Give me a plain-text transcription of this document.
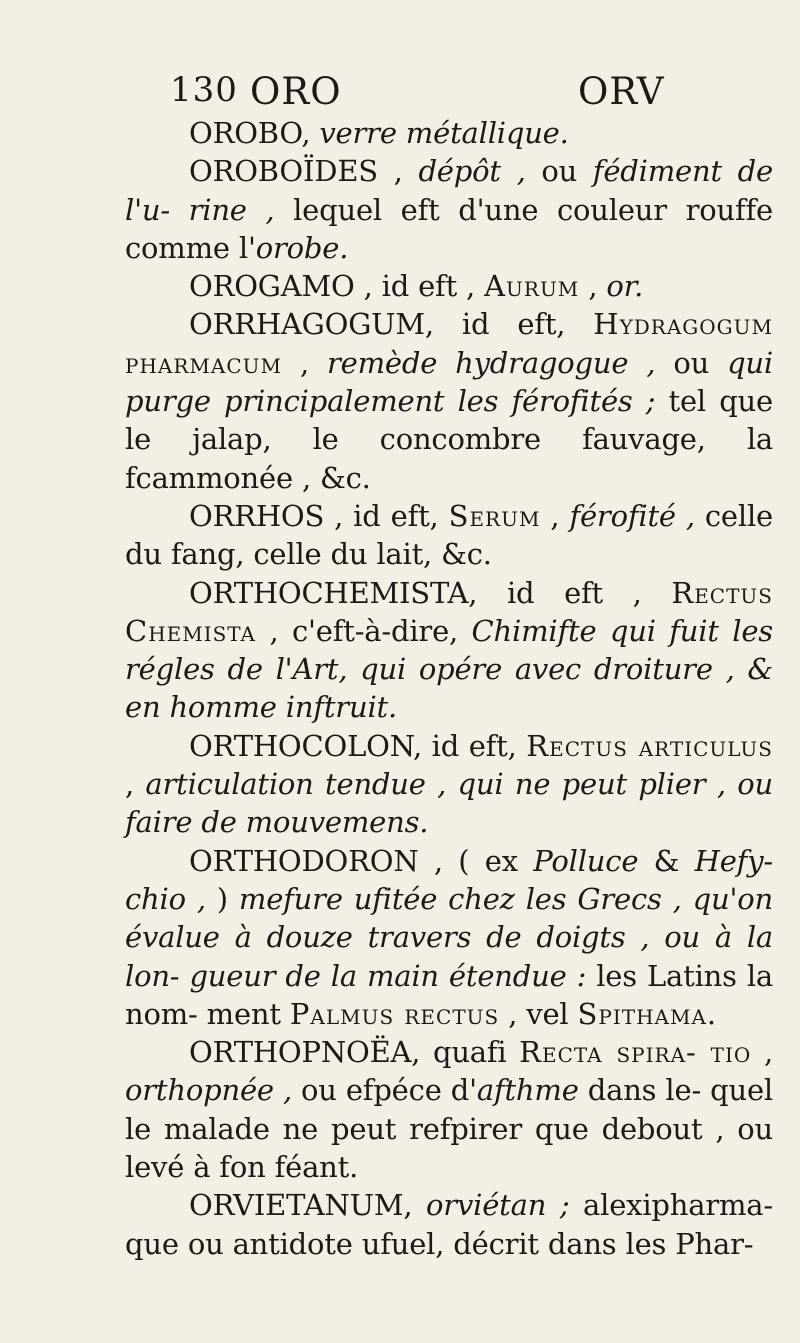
130 ORO	ORV

OROBO, verre métallique.

OROBOÏDES , dépôt , ou fédiment de l'u- rine , lequel eft d'une couleur rouffe comme l'orobe.

OROGAMO , id eft , Aurum , or.

ORRHAGOGUM, id eft, Hydragogum pharmacum , remède hydragogue , ou qui purge principalement les férofités ; tel que le jalap, le concombre fauvage, la fcammonée , &c.

ORRHOS , id eft, Serum , férofité , celle du fang, celle du lait, &c.

ORTHOCHEMISTA, id eft , Rectus Chemista , c'eft-à-dire, Chimifte qui fuit les régles de l'Art, qui opére avec droiture , & en homme inftruit.

ORTHOCOLON, id eft, Rectus articulus , articulation tendue , qui ne peut plier , ou faire de mouvemens.

ORTHODORON , ( ex Polluce & Hefy- chio , ) mefure ufitée chez les Grecs , qu'on évalue à douze travers de doigts , ou à la lon- gueur de la main étendue : les Latins la nom- ment Palmus rectus , vel Spithama.

ORTHOPNOËA, quafi Recta spira- tio , orthopnée , ou efpéce d'afthme dans le- quel le malade ne peut refpirer que debout , ou levé à fon féant.

ORVIETANUM, orviétan ; alexipharma- que ou antidote ufuel, décrit dans les Phar-
